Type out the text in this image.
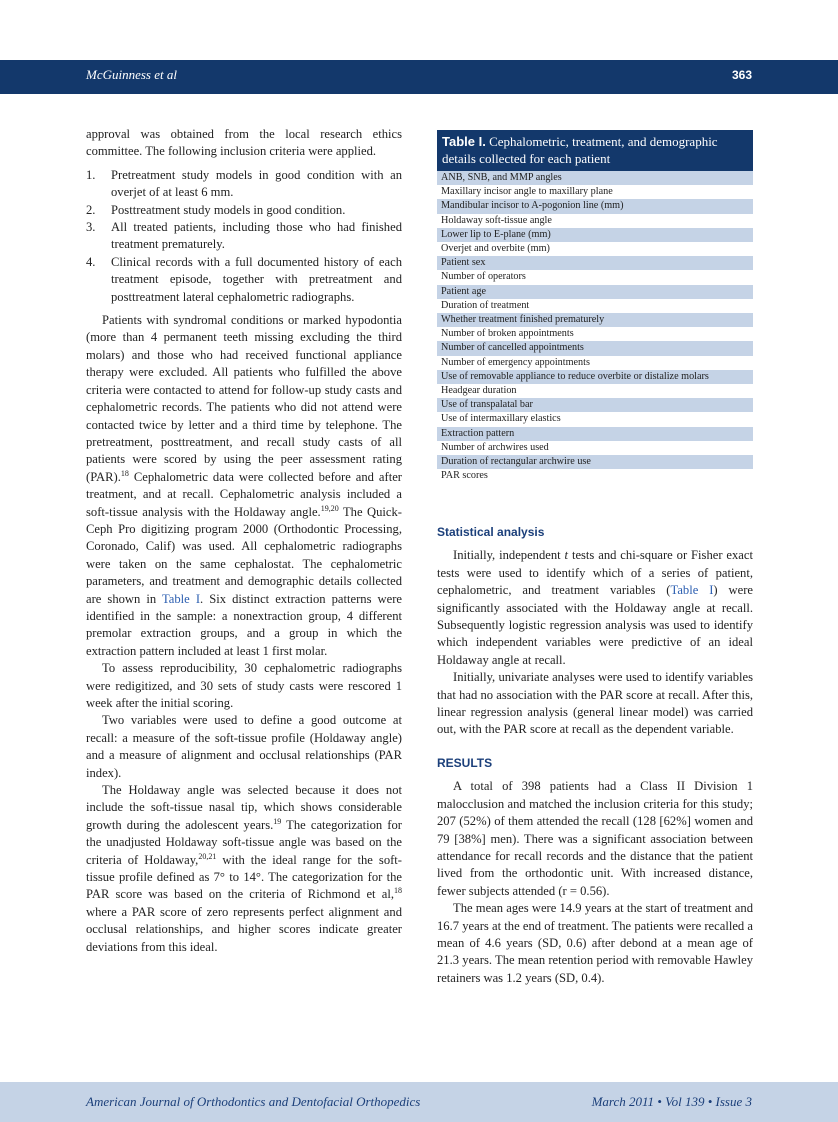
McGuinness et al	363

approval was obtained from the local research ethics committee. The following inclusion criteria were applied.

1. Pretreatment study models in good condition with an overjet of at least 6 mm.
2. Posttreatment study models in good condition.
3. All treated patients, including those who had finished treatment prematurely.
4. Clinical records with a full documented history of each treatment episode, together with pretreatment and posttreatment lateral cephalometric radiographs.

Patients with syndromal conditions or marked hypodontia (more than 4 permanent teeth missing excluding the third molars) and those who had received functional appliance therapy were excluded. All patients who fulfilled the above criteria were contacted to attend for follow-up study casts and cephalometric records. The patients who did not attend were contacted twice by letter and a third time by telephone. The pretreatment, posttreatment, and recall study casts of all patients were scored by using the peer assessment rating (PAR).$^{18}$ Cephalometric data were collected before and after treatment, and at recall. Cephalometric analysis included a soft-tissue analysis with the Holdaway angle.$^{19,20}$ The Quick-Ceph Pro digitizing program 2000 (Orthodontic Processing, Coronado, Calif) was used. All cephalometric radiographs were taken on the same cephalostat. The cephalometric parameters, and treatment and demographic details collected are shown in Table I. Six distinct extraction patterns were identified in the sample: a nonextraction group, 4 different premolar extraction groups, and a group in which the extraction pattern included at least 1 first molar.

To assess reproducibility, 30 cephalometric radiographs were redigitized, and 30 sets of study casts were rescored 1 week after the initial scoring.

Two variables were used to define a good outcome at recall: a measure of the soft-tissue profile (Holdaway angle) and a measure of alignment and occlusal relationships (PAR index).

The Holdaway angle was selected because it does not include the soft-tissue nasal tip, which shows considerable growth during the adolescent years.$^{19}$ The categorization for the unadjusted Holdaway soft-tissue angle was based on the criteria of Holdaway,$^{20,21}$ with the ideal range for the soft-tissue profile defined as 7° to 14°. The categorization for the PAR score was based on the criteria of Richmond et al,$^{18}$ where a PAR score of zero represents perfect alignment and occlusal relationships, and higher scores indicate greater deviations from this ideal.

Table I. Cephalometric, treatment, and demographic details collected for each patient
ANB, SNB, and MMP angles
Maxillary incisor angle to maxillary plane
Mandibular incisor to A-pogonion line (mm)
Holdaway soft-tissue angle
Lower lip to E-plane (mm)
Overjet and overbite (mm)
Patient sex
Number of operators
Patient age
Duration of treatment
Whether treatment finished prematurely
Number of broken appointments
Number of cancelled appointments
Number of emergency appointments
Use of removable appliance to reduce overbite or distalize molars
Headgear duration
Use of transpalatal bar
Use of intermaxillary elastics
Extraction pattern
Number of archwires used
Duration of rectangular archwire use
PAR scores
Statistical analysis

Initially, independent t tests and chi-square or Fisher exact tests were used to identify which of a series of patient, cephalometric, and treatment variables (Table I) were significantly associated with the Holdaway angle at recall. Subsequently logistic regression analysis was used to identify which independent variables were predictive of an ideal Holdaway angle at recall.

Initially, univariate analyses were used to identify variables that had no association with the PAR score at recall. After this, linear regression analysis (general linear model) was carried out, with the PAR score at recall as the dependent variable.

RESULTS

A total of 398 patients had a Class II Division 1 malocclusion and matched the inclusion criteria for this study; 207 (52%) of them attended the recall (128 [62%] women and 79 [38%] men). There was a significant association between attendance for recall records and the distance that the patient lived from the orthodontic unit. With increased distance, fewer subjects attended (r = 0.56).

The mean ages were 14.9 years at the start of treatment and 16.7 years at the end of treatment. The patients were recalled a mean of 4.6 years (SD, 0.6) after debond at a mean age of 21.3 years. The mean retention period with removable Hawley retainers was 1.2 years (SD, 0.4).

American Journal of Orthodontics and Dentofacial Orthopedics	March 2011 • Vol 139 • Issue 3
